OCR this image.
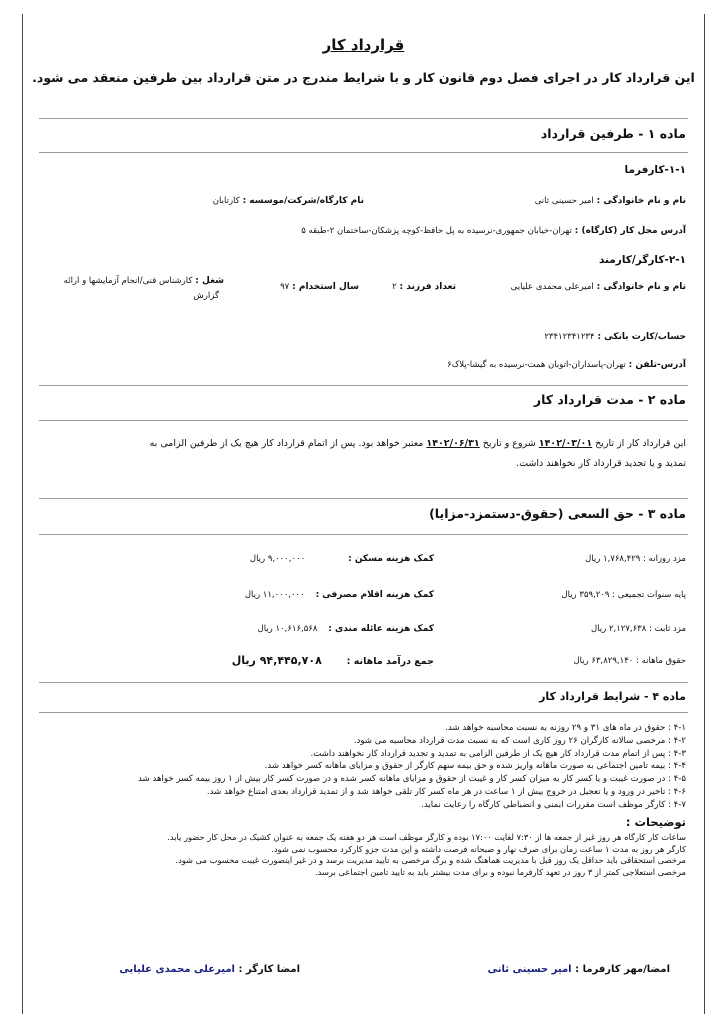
قرارداد کار
این قرارداد کار در اجرای فصل دوم قانون کار و با شرایط مندرج در متن قرارداد بین طرفین منعقد می شود.
ماده ۱ - طرفین قرارداد
۱-۱-کارفرما
نام و نام خانوادگی : امیر حسینی ثانی
نام کارگاه/شرکت/موسسه : کارتابان
آدرس محل کار (کارگاه) : تهران-خیابان جمهوری-نرسیده به پل حافظ-کوچه پزشکان-ساختمان ۲-طبقه ۵
۲-۱-کارگر/کارمند
نام و نام خانوادگی : امیرعلی محمدی علیایی
تعداد فرزند : ۲
سال استخدام : ۹۷
شغل : کارشناس فنی/انجام آزمایشها و ارائه
گزارش
حساب/کارت بانکی : ۲۳۴۱۲۳۴۱۲۳۴
آدرس-تلفن : تهران-پاسداران-اتوبان همت-نرسیده به گیشا-پلاک۶
ماده ۲ - مدت قرارداد کار
این قرارداد کار از تاریخ ۱۴۰۲/۰۳/۰۱ شروع و تاریخ ۱۴۰۲/۰۶/۳۱ معتبر خواهد بود. پس از اتمام قرارداد کار هیچ یک از طرفین الزامی به تمدید و یا تجدید قرارداد کار نخواهند داشت.
ماده ۳ - حق السعی (حقوق-دستمزد-مزایا)
مزد روزانه : ۱,۷۶۸,۴۲۹ ریال
پایه سنوات تجمیعی : ۳۵۹,۲۰۹ ریال
مزد ثابت : ۲,۱۲۷,۶۳۸ ریال
حقوق ماهانه : ۶۳,۸۲۹,۱۴۰ ریال
کمک هزینه مسکن : ۹,۰۰۰,۰۰۰ ریال
کمک هزینه اقلام مصرفی : ۱۱,۰۰۰,۰۰۰ ریال
کمک هزینه عائله مندی : ۱۰,۶۱۶,۵۶۸ ریال
جمع درآمد ماهانه : ۹۴,۴۴۵,۷۰۸ ریال
ماده ۴ - شرایط قرارداد کار
۴-۱ : حقوق در ماه های ۳۱ و ۲۹ روزنه به نسبت محاسبه خواهد شد.
۴-۲ : مرخصی سالانه کارگران ۲۶ روز کاری است که به نسبت مدت قرارداد محاسبه می شود.
۴-۳ : پس از اتمام مدت قرارداد کار هیچ یک از طرفین الزامی به تمدید و تجدید قرارداد کار نخواهند داشت.
۴-۴ : بیمه تامین اجتماعی به صورت ماهانه واریز شده و حق بیمه سهم کارگر از حقوق و مزایای ماهانه کسر خواهد شد.
۴-۵ : در صورت غیبت و یا کسر کار به میزان کسر کار و غیبت از حقوق و مزایای ماهانه کسر شده و در صورت کسر کار بیش از ۱ روز بیمه کسر خواهد شد
۴-۶ : تاخیر در ورود و یا تعجیل در خروج بیش از ۱ ساعت در هر ماه کسر کار تلقی خواهد شد و از تمدید قرارداد بعدی امتناع خواهد شد.
۴-۷ : کارگر موظف است مقررات ایمنی و انضباطی کارگاه را رعایت نماید.
توضیحات :
ساعات کار کارگاه هر روز غیر از جمعه ها از ۷:۳۰ لغایت ۱۷:۰۰ بوده و کارگر موظف است هر دو هفته یک جمعه به عنوان کشیک در محل کار حضور یابد.
کارگر هر روز به مدت ۱ ساعت زمان برای صرف نهار و صبحانه فرصت داشته و این مدت جزو کارکرد محسوب نمی شود.
مرخصی استحقاقی باید حداقل یک روز قبل با مدیریت هماهنگ شده و برگ مرخصی به تایید مدیریت برسد و در غیر اینصورت غیبت محسوب می شود.
مرخصی استعلاجی کمتر از ۳ روز در تعهد کارفرما نبوده و برای مدت بیشتر باید به تایید تامین اجتماعی برسد.
امضا/مهر کارفرما : امیر حسینی ثانی
امضا کارگر : امیرعلی محمدی علیایی
